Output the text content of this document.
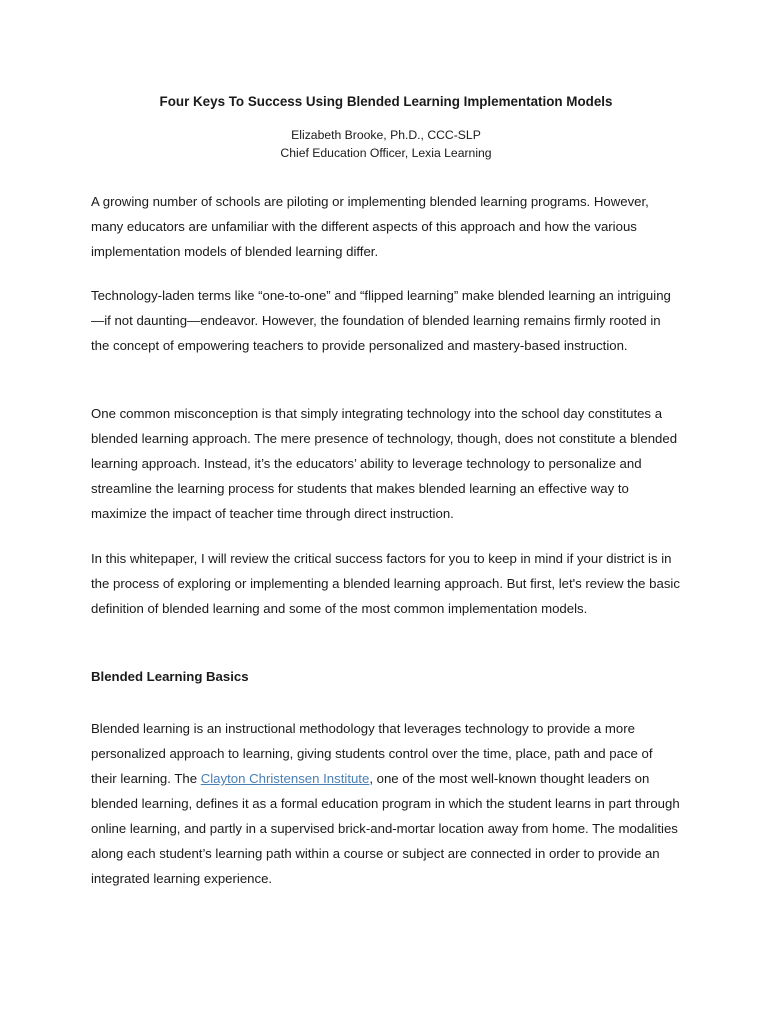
Four Keys To Success Using Blended Learning Implementation Models
Elizabeth Brooke, Ph.D., CCC-SLP
Chief Education Officer, Lexia Learning

A growing number of schools are piloting or implementing blended learning programs. However, many educators are unfamiliar with the different aspects of this approach and how the various implementation models of blended learning differ.

Technology-laden terms like “one-to-one” and “flipped learning” make blended learning an intriguing—if not daunting—endeavor. However, the foundation of blended learning remains firmly rooted in the concept of empowering teachers to provide personalized and mastery-based instruction.

One common misconception is that simply integrating technology into the school day constitutes a blended learning approach. The mere presence of technology, though, does not constitute a blended learning approach. Instead, it’s the educators’ ability to leverage technology to personalize and streamline the learning process for students that makes blended learning an effective way to maximize the impact of teacher time through direct instruction.

In this whitepaper, I will review the critical success factors for you to keep in mind if your district is in the process of exploring or implementing a blended learning approach. But first, let's review the basic definition of blended learning and some of the most common implementation models.

Blended Learning Basics

Blended learning is an instructional methodology that leverages technology to provide a more personalized approach to learning, giving students control over the time, place, path and pace of their learning. The Clayton Christensen Institute, one of the most well-known thought leaders on blended learning, defines it as a formal education program in which the student learns in part through online learning, and partly in a supervised brick-and-mortar location away from home. The modalities along each student’s learning path within a course or subject are connected in order to provide an integrated learning experience.
